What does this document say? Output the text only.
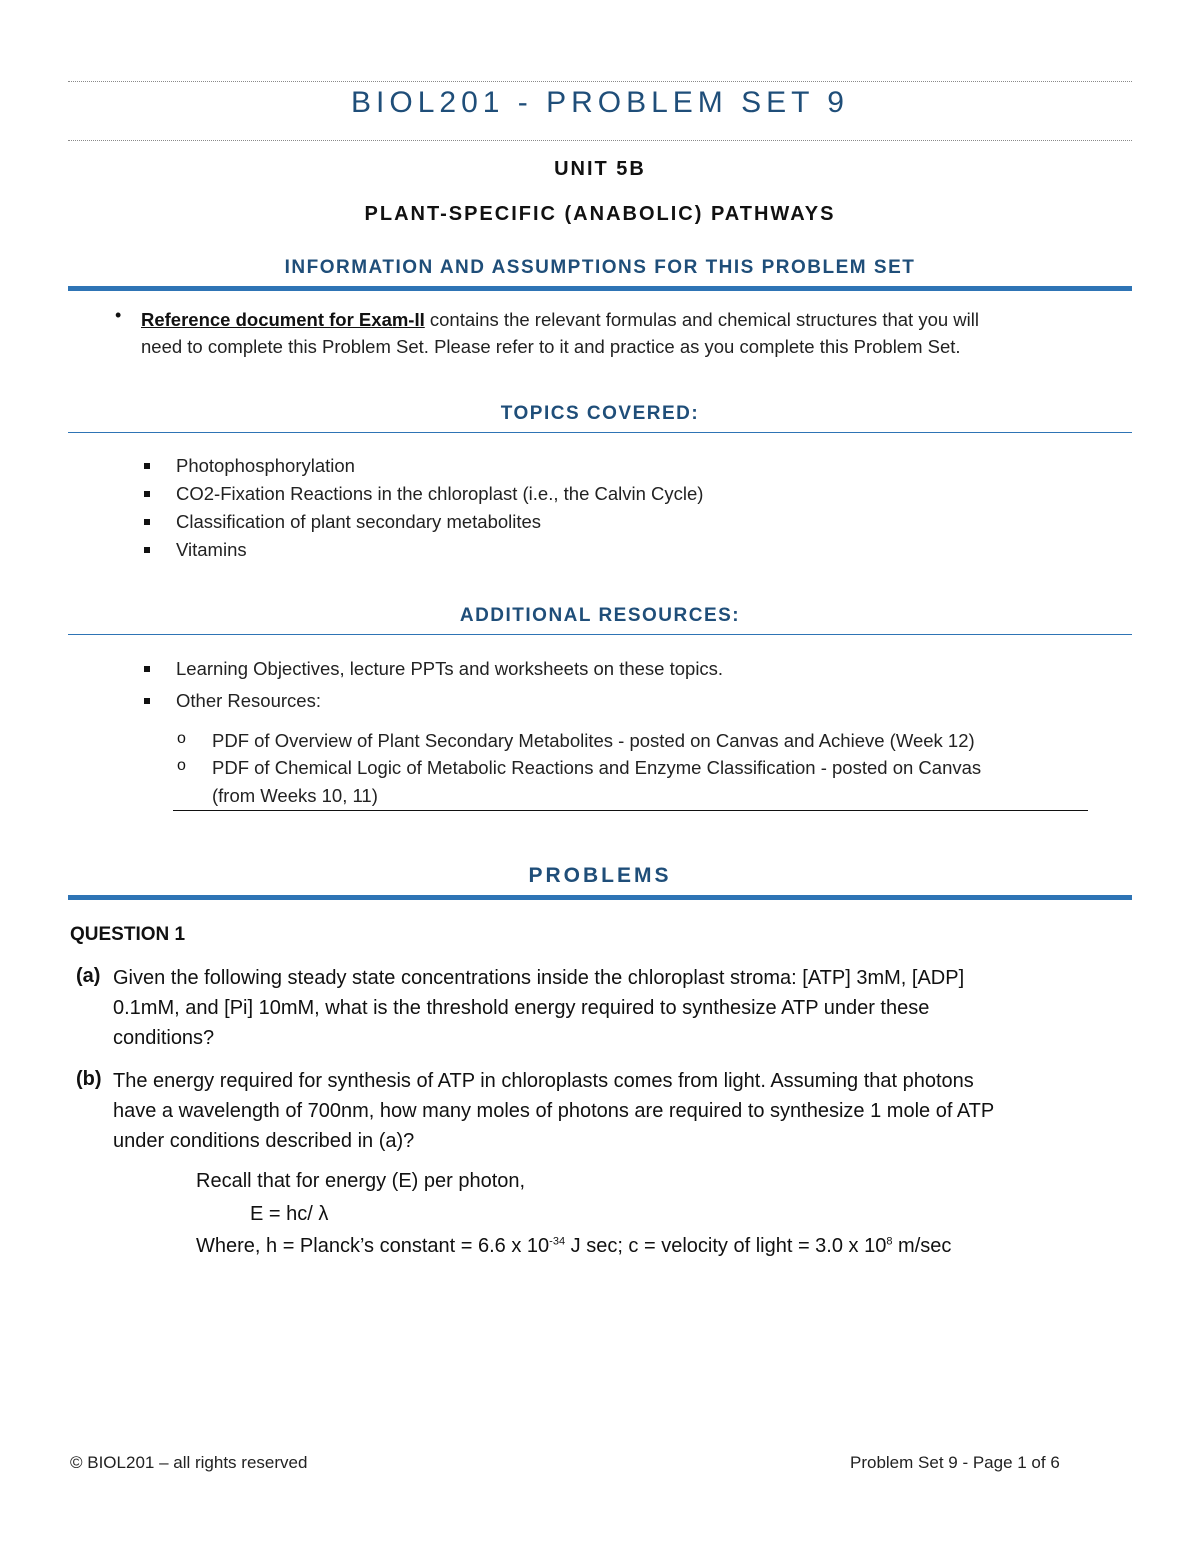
BIOL201 - PROBLEM SET 9
UNIT 5B
PLANT-SPECIFIC (ANABOLIC) PATHWAYS
INFORMATION AND ASSUMPTIONS FOR THIS PROBLEM SET
• Reference document for Exam-II contains the relevant formulas and chemical structures that you will
need to complete this Problem Set. Please refer to it and practice as you complete this Problem Set.
TOPICS COVERED:
Photophosphorylation
CO2-Fixation Reactions in the chloroplast (i.e., the Calvin Cycle)
Classification of plant secondary metabolites
Vitamins
ADDITIONAL RESOURCES:
Learning Objectives, lecture PPTs and worksheets on these topics.
Other Resources:
o PDF of Overview of Plant Secondary Metabolites - posted on Canvas and Achieve (Week 12)
o PDF of Chemical Logic of Metabolic Reactions and Enzyme Classification - posted on Canvas
(from Weeks 10, 11)
PROBLEMS
QUESTION 1
(a) Given the following steady state concentrations inside the chloroplast stroma: [ATP] 3mM, [ADP]
0.1mM, and [Pi] 10mM, what is the threshold energy required to synthesize ATP under these
conditions?
(b) The energy required for synthesis of ATP in chloroplasts comes from light. Assuming that photons
have a wavelength of 700nm, how many moles of photons are required to synthesize 1 mole of ATP
under conditions described in (a)?
Recall that for energy (E) per photon,
E = hc/ λ
Where, h = Planck’s constant = 6.6 x $10^{-34}$ J sec; c = velocity of light = 3.0 x $10^8$ m/sec
© BIOL201 – all rights reserved	Problem Set 9 - Page 1 of 6
